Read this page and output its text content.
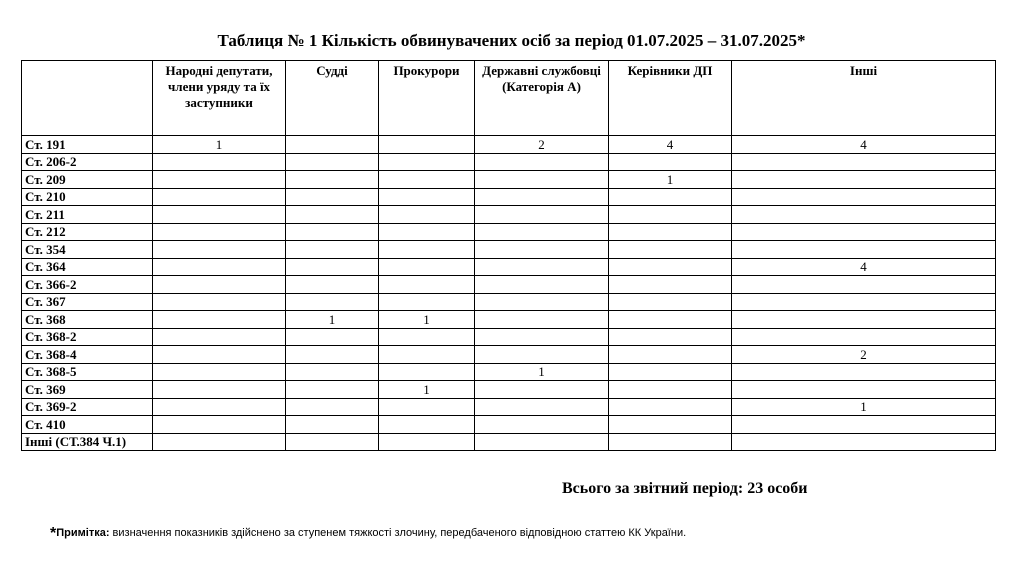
Таблиця № 1 Кількість обвинувачених осіб за період 01.07.2025 – 31.07.2025*
	Народні депутати, члени уряду та їх заступники	Судді	Прокурори	Державні службовці (Категорія А)	Керівники ДП	Інші
Ст. 191	1			2	4	4
Ст. 206-2						
Ст. 209					1	
Ст. 210						
Ст. 211						
Ст. 212						
Ст. 354						
Ст. 364						4
Ст. 366-2						
Ст. 367						
Ст. 368		1	1			
Ст. 368-2						
Ст. 368-4						2
Ст. 368-5				1		
Ст. 369			1			
Ст. 369-2						1
Ст. 410						
Інші (СТ.384 Ч.1)						
Всього за звітний період: 23 особи
*Примітка: визначення показників здійснено за ступенем тяжкості злочину, передбаченого відповідною статтею КК України.
